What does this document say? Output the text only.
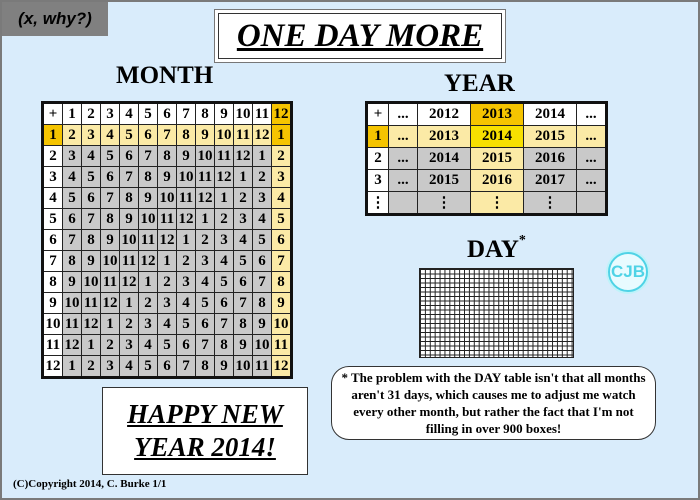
(x, why?)	ONE DAY MORE
MONTH	YEAR
DAY*
+	1	2	3	4	5	6	7	8	9	10	11	12
1	2	3	4	5	6	7	8	9	10	11	12	1
2	3	4	5	6	7	8	9	10	11	12	1	2
3	4	5	6	7	8	9	10	11	12	1	2	3
4	5	6	7	8	9	10	11	12	1	2	3	4
5	6	7	8	9	10	11	12	1	2	3	4	5
6	7	8	9	10	11	12	1	2	3	4	5	6
7	8	9	10	11	12	1	2	3	4	5	6	7
8	9	10	11	12	1	2	3	4	5	6	7	8
9	10	11	12	1	2	3	4	5	6	7	8	9
10	11	12	1	2	3	4	5	6	7	8	9	10
11	12	1	2	3	4	5	6	7	8	9	10	11
12	1	2	3	4	5	6	7	8	9	10	11	12
+	...	2012	2013	2014	...
1	...	2013	2014	2015	...
2	...	2014	2015	2016	...
3	...	2015	2016	2017	...
⋮		⋮	⋮	⋮	
CJB
* The problem with the DAY table isn't that all months aren't 31 days, which causes me to adjust me watch every other month, but rather the fact that I'm not filling in over 900 boxes!
HAPPY NEW
YEAR 2014!
(C)Copyright 2014, C. Burke 1/1
